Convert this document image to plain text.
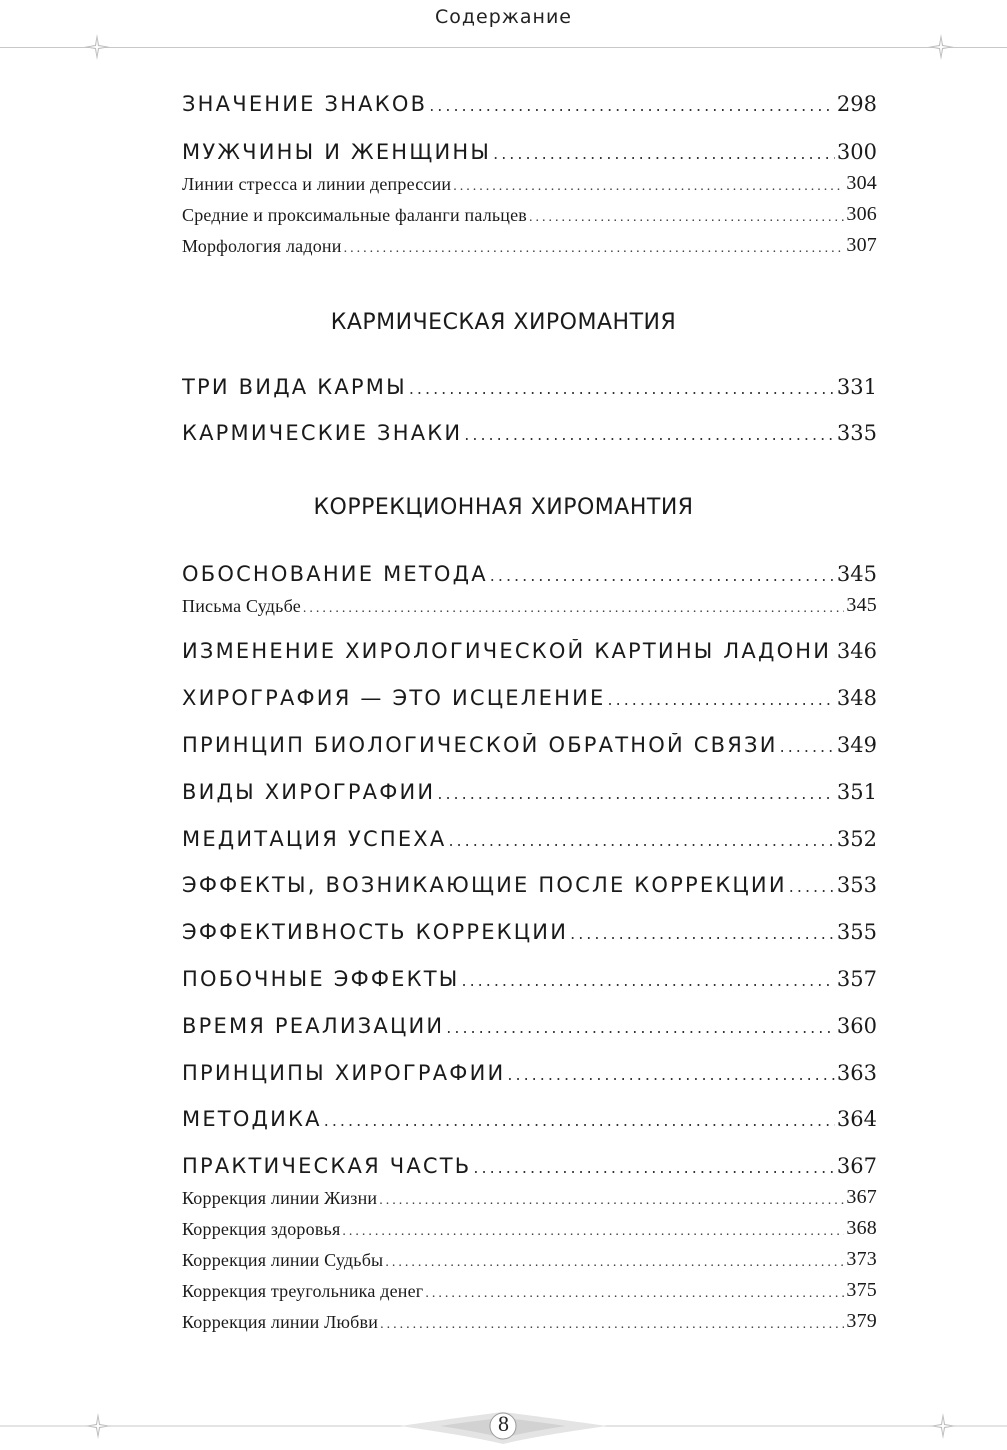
Содержание
ЗНАЧЕНИЕ ЗНАКОВ .....	298
МУЖЧИНЫ И ЖЕНЩИНЫ .....	300
Линии стресса и линии депрессии .....	304
Средние и проксимальные фаланги пальцев .....	306
Морфология ладони .....	307
ТРИ ВИДА КАРМЫ .....	331
КАРМИЧЕСКИЕ ЗНАКИ .....	335
ОБОСНОВАНИЕ МЕТОДА .....	345
Письма Судьбе .....	345
ИЗМЕНЕНИЕ ХИРОЛОГИЧЕСКОЙ КАРТИНЫ ЛАДОНИ ..... 346
ХИРОГРАФИЯ — ЭТО ИСЦЕЛЕНИЕ .....	348
ПРИНЦИП БИОЛОГИЧЕСКОЙ ОБРАТНОЙ СВЯЗИ .....	349
ВИДЫ ХИРОГРАФИИ .....	351
МЕДИТАЦИЯ УСПЕХА .....	352
ЭФФЕКТЫ, ВОЗНИКАЮЩИЕ ПОСЛЕ КОРРЕКЦИИ ..... 353
ЭФФЕКТИВНОСТЬ КОРРЕКЦИИ .....	355
ПОБОЧНЫЕ ЭФФЕКТЫ .....	357
ВРЕМЯ РЕАЛИЗАЦИИ .....	360
ПРИНЦИПЫ ХИРОГРАФИИ .....	363
МЕТОДИКА .....	364
ПРАКТИЧЕСКАЯ ЧАСТЬ .....	367
Коррекция линии Жизни .....	367
Коррекция здоровья .....	368
Коррекция линии Судьбы .....	373
Коррекция треугольника денег .....	375
Коррекция линии Любви .....	379
КАРМИЧЕСКАЯ ХИРОМАНТИЯ
КОРРЕКЦИОННАЯ ХИРОМАНТИЯ
8
